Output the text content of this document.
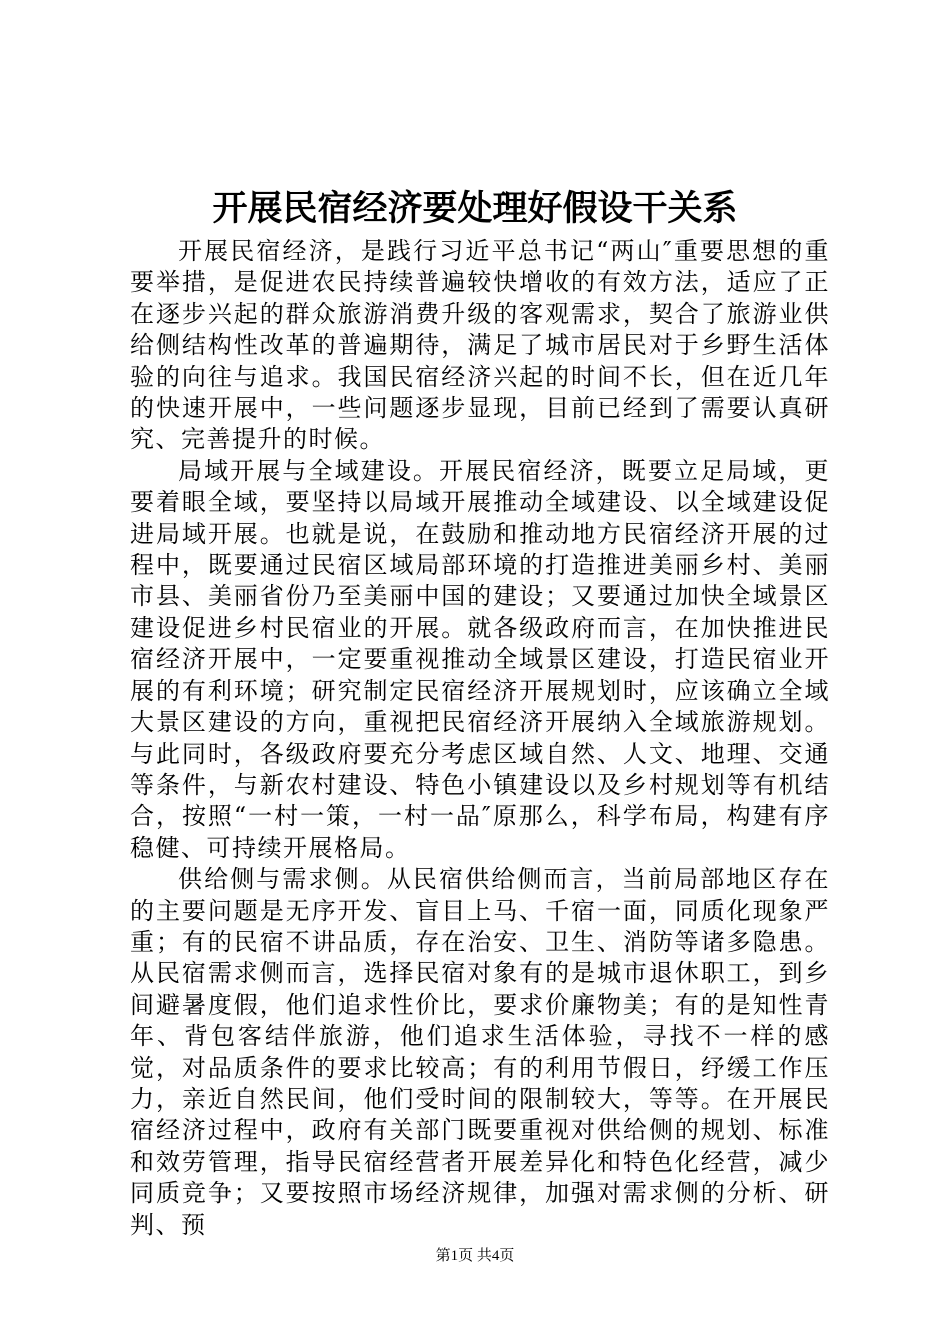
开展民宿经济要处理好假设干关系

开展民宿经济，是践行习近平总书记“两山″重要思想的重要举措，是促进农民持续普遍较快增收的有效方法，适应了正在逐步兴起的群众旅游消费升级的客观需求，契合了旅游业供给侧结构性改革的普遍期待，满足了城市居民对于乡野生活体验的向往与追求。我国民宿经济兴起的时间不长，但在近几年的快速开展中，一些问题逐步显现，目前已经到了需要认真研究、完善提升的时候。

局域开展与全域建设。开展民宿经济，既要立足局域，更要着眼全域，要坚持以局域开展推动全域建设、以全域建设促进局域开展。也就是说，在鼓励和推动地方民宿经济开展的过程中，既要通过民宿区域局部环境的打造推进美丽乡村、美丽市县、美丽省份乃至美丽中国的建设；又要通过加快全域景区建设促进乡村民宿业的开展。就各级政府而言，在加快推进民宿经济开展中，一定要重视推动全域景区建设，打造民宿业开展的有利环境；研究制定民宿经济开展规划时，应该确立全域大景区建设的方向，重视把民宿经济开展纳入全域旅游规划。与此同时，各级政府要充分考虑区域自然、人文、地理、交通等条件，与新农村建设、特色小镇建设以及乡村规划等有机结合，按照“一村一策，一村一品″原那么，科学布局，构建有序稳健、可持续开展格局。

供给侧与需求侧。从民宿供给侧而言，当前局部地区存在的主要问题是无序开发、盲目上马、千宿一面，同质化现象严重；有的民宿不讲品质，存在治安、卫生、消防等诸多隐患。从民宿需求侧而言，选择民宿对象有的是城市退休职工，到乡间避暑度假，他们追求性价比，要求价廉物美；有的是知性青年、背包客结伴旅游，他们追求生活体验，寻找不一样的感觉，对品质条件的要求比较高；有的利用节假日，纾缓工作压力，亲近自然民间，他们受时间的限制较大，等等。在开展民宿经济过程中，政府有关部门既要重视对供给侧的规划、标准和效劳管理，指导民宿经营者开展差异化和特色化经营，减少同质竞争；又要按照市场经济规律，加强对需求侧的分析、研判、预

第1页 共4页
